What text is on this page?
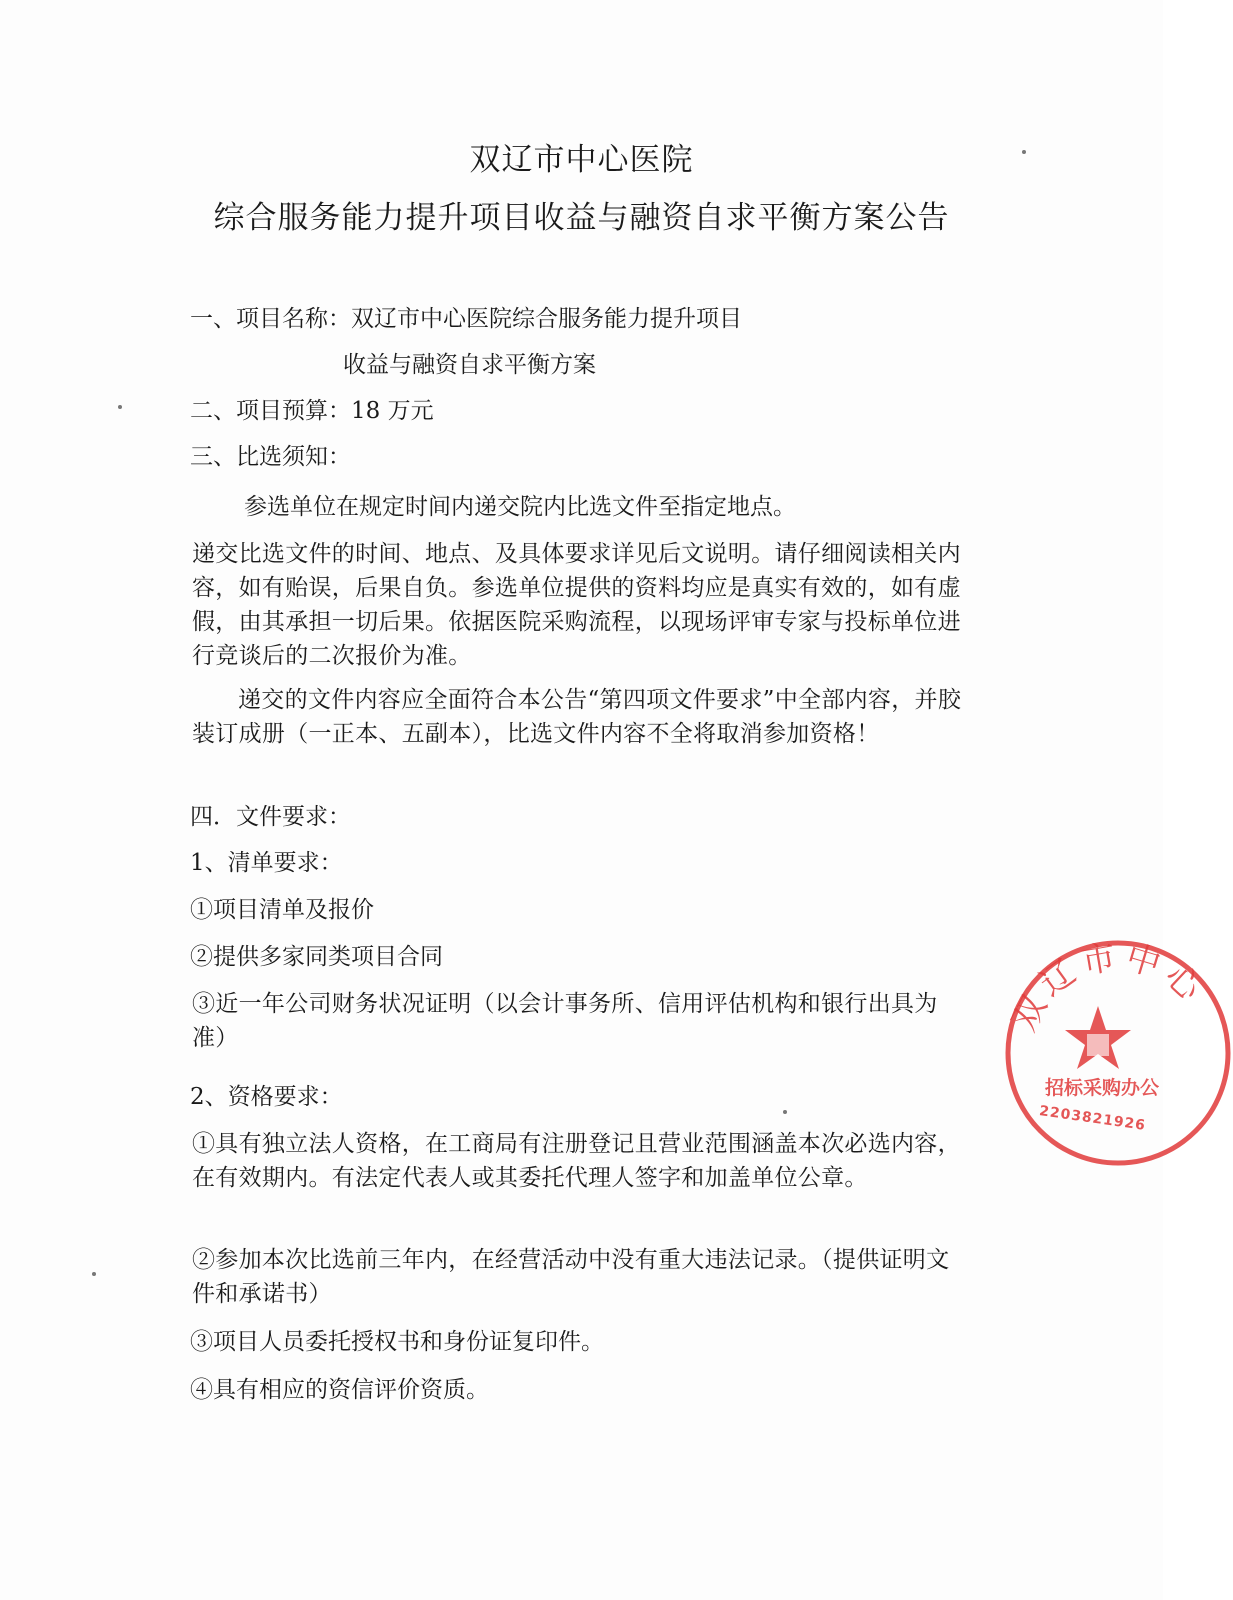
双辽市中心医院
综合服务能力提升项目收益与融资自求平衡方案公告
一、项目名称：双辽市中心医院综合服务能力提升项目
收益与融资自求平衡方案
二、项目预算：18 万元
三、比选须知：
参选单位在规定时间内递交院内比选文件至指定地点。
递交比选文件的时间、地点、及具体要求详见后文说明。请仔细阅读相关内容，如有贻误，后果自负。参选单位提供的资料均应是真实有效的，如有虚假，由其承担一切后果。依据医院采购流程，以现场评审专家与投标单位进行竞谈后的二次报价为准。
递交的文件内容应全面符合本公告“第四项文件要求”中全部内容，并胶装订成册（一正本、五副本），比选文件内容不全将取消参加资格！
四．文件要求：
1、清单要求：
①项目清单及报价
②提供多家同类项目合同
③近一年公司财务状况证明（以会计事务所、信用评估机构和银行出具为准）
2、资格要求：
①具有独立法人资格，在工商局有注册登记且营业范围涵盖本次必选内容，在有效期内。有法定代表人或其委托代理人签字和加盖单位公章。
②参加本次比选前三年内，在经营活动中没有重大违法记录。（提供证明文件和承诺书）
③项目人员委托授权书和身份证复印件。
④具有相应的资信评价资质。
双辽市中心
招标采购办公
2203821926
